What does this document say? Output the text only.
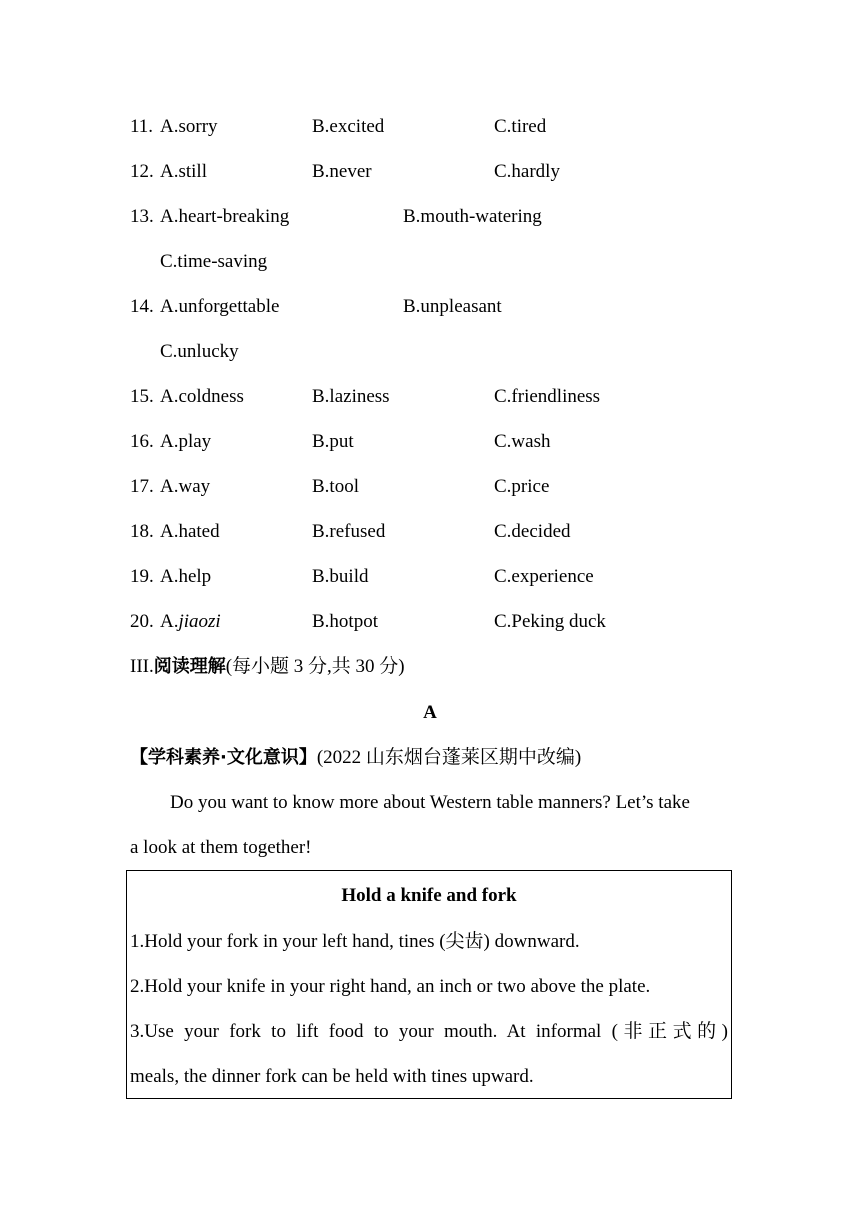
11. A.sorry	B.excited	C.tired
12. A.still	B.never	C.hardly
13. A.heart-breaking	B.mouth-watering
C.time-saving
14. A.unforgettable	B.unpleasant
C.unlucky
15. A.coldness	B.laziness	C.friendliness
16. A.play	B.put	C.wash
17. A.way	B.tool	C.price
18. A.hated	B.refused	C.decided
19. A.help	B.build	C.experience
20. A.jiaozi	B.hotpot	C.Peking duck
III.阅读理解(每小题 3 分,共 30 分)
A
【学科素养·文化意识】(2022 山东烟台蓬莱区期中改编)
Do you want to know more about Western table manners? Let’s take
a look at them together!
Hold a knife and fork
1.Hold your fork in your left hand, tines (尖齿) downward.
2.Hold your knife in your right hand, an inch or two above the plate.
3.Use your fork to lift food to your mouth. At informal (非正式的)
meals, the dinner fork can be held with tines upward.
